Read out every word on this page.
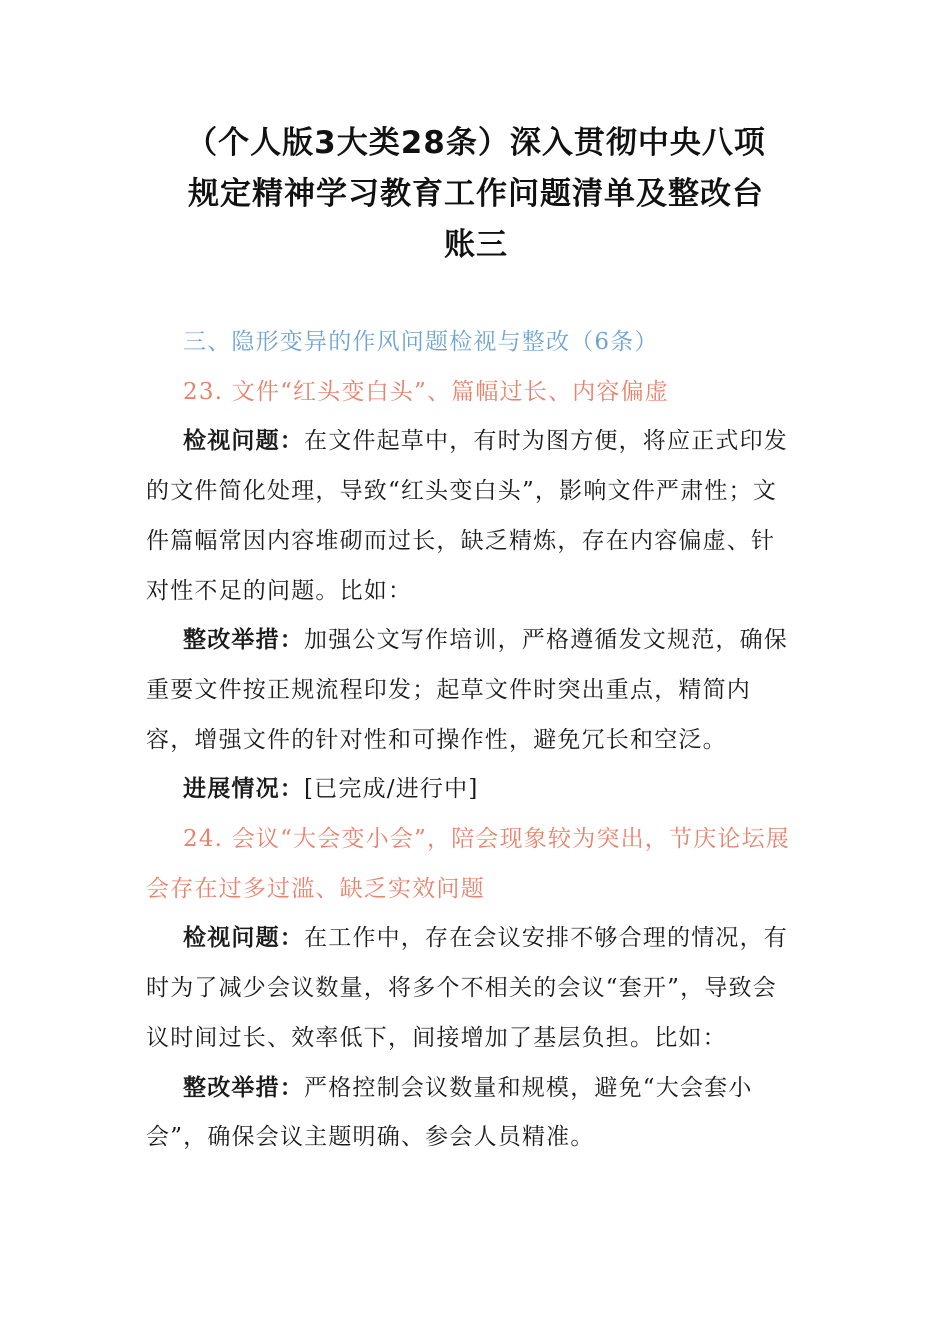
（个人版3大类28条）深入贯彻中央八项
规定精神学习教育工作问题清单及整改台
账三

三、隐形变异的作风问题检视与整改（6条）

23. 文件“红头变白头”、篇幅过长、内容偏虚

检视问题：在文件起草中，有时为图方便，将应正式印发的文件简化处理，导致“红头变白头”，影响文件严肃性；文件篇幅常因内容堆砌而过长，缺乏精炼，存在内容偏虚、针对性不足的问题。比如：

整改举措：加强公文写作培训，严格遵循发文规范，确保重要文件按正规流程印发；起草文件时突出重点，精简内容，增强文件的针对性和可操作性，避免冗长和空泛。

进展情况：[已完成/进行中]

24. 会议“大会变小会”，陪会现象较为突出，节庆论坛展会存在过多过滥、缺乏实效问题

检视问题：在工作中，存在会议安排不够合理的情况，有时为了减少会议数量，将多个不相关的会议“套开”，导致会议时间过长、效率低下，间接增加了基层负担。比如：

整改举措：严格控制会议数量和规模，避免“大会套小会”，确保会议主题明确、参会人员精准。
